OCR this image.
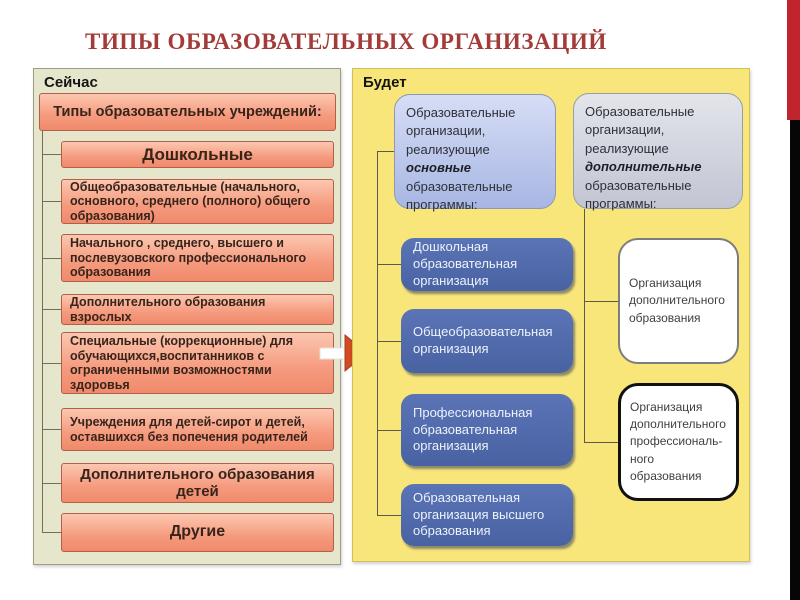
ТИПЫ ОБРАЗОВАТЕЛЬНЫХ ОРГАНИЗАЦИЙ
Сейчас
Типы образовательных учреждений:
Дошкольные
Общеобразовательные (начального, основного, среднего (полного) общего образования)
Начального , среднего, высшего и послевузовского профессионального образования
Дополнительного образования взрослых
Специальные (коррекционные) для обучающихся,воспитанников с ограниченными возможностями здоровья
Учреждения для детей-сирот и детей, оставшихся без попечения родителей
Дополнительного образования детей
Другие
Будет
Образовательные организации, реализующие основные образовательные программы:
Образовательные организации, реализующие дополнительные образовательные программы:
Дошкольная образовательная организация
Общеобразовательная организация
Профессиональная образовательная организация
Образовательная организация высшего образования
Организация дополнительного образования
Организация дополнительного профессиональ-ного образования
